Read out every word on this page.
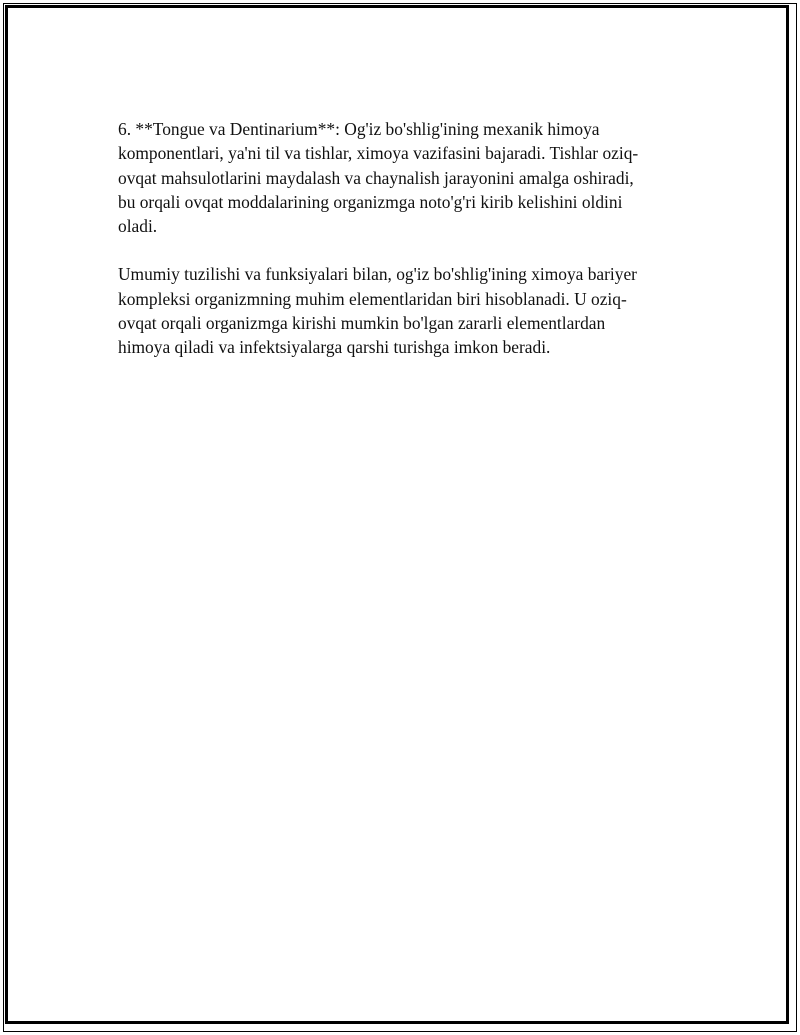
6. **Tongue va Dentinarium**: Og'iz bo'shlig'ining mexanik himoya
komponentlari, ya'ni til va tishlar, ximoya vazifasini bajaradi. Tishlar oziq-
ovqat mahsulotlarini maydalash va chaynalish jarayonini amalga oshiradi,
bu orqali ovqat moddalarining organizmga noto'g'ri kirib kelishini oldini
oladi.
Umumiy tuzilishi va funksiyalari bilan, og'iz bo'shlig'ining ximoya bariyer
kompleksi organizmning muhim elementlaridan biri hisoblanadi. U oziq-
ovqat orqali organizmga kirishi mumkin bo'lgan zararli elementlardan
himoya qiladi va infektsiyalarga qarshi turishga imkon beradi.
